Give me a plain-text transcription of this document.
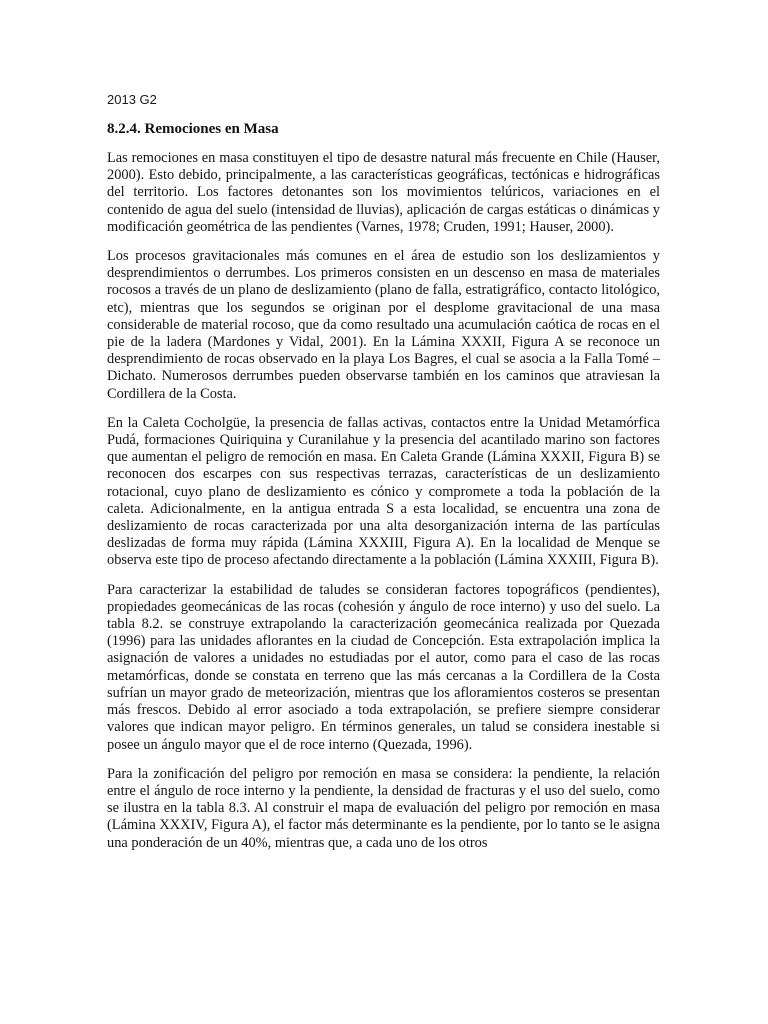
2013 G2
8.2.4. Remociones en Masa

Las remociones en masa constituyen el tipo de desastre natural más frecuente en Chile (Hauser, 2000). Esto debido, principalmente, a las características geográficas, tectónicas e hidrográficas del territorio. Los factores detonantes son los movimientos telúricos, variaciones en el contenido de agua del suelo (intensidad de lluvias), aplicación de cargas estáticas o dinámicas y modificación geométrica de las pendientes (Varnes, 1978; Cruden, 1991; Hauser, 2000).

Los procesos gravitacionales más comunes en el área de estudio son los deslizamientos y desprendimientos o derrumbes. Los primeros consisten en un descenso en masa de materiales rocosos a través de un plano de deslizamiento (plano de falla, estratigráfico, contacto litológico, etc), mientras que los segundos se originan por el desplome gravitacional de una masa considerable de material rocoso, que da como resultado una acumulación caótica de rocas en el pie de la ladera (Mardones y Vidal, 2001). En la Lámina XXXII, Figura A se reconoce un desprendimiento de rocas observado en la playa Los Bagres, el cual se asocia a la Falla Tomé – Dichato. Numerosos derrumbes pueden observarse también en los caminos que atraviesan la Cordillera de la Costa.

En la Caleta Cocholgüe, la presencia de fallas activas, contactos entre la Unidad Metamórfica Pudá, formaciones Quiriquina y Curanilahue y la presencia del acantilado marino son factores que aumentan el peligro de remoción en masa. En Caleta Grande (Lámina XXXII, Figura B) se reconocen dos escarpes con sus respectivas terrazas, características de un deslizamiento rotacional, cuyo plano de deslizamiento es cónico y compromete a toda la población de la caleta. Adicionalmente, en la antigua entrada S a esta localidad, se encuentra una zona de deslizamiento de rocas caracterizada por una alta desorganización interna de las partículas deslizadas de forma muy rápida (Lámina XXXIII, Figura A). En la localidad de Menque se observa este tipo de proceso afectando directamente a la población (Lámina XXXIII, Figura B).

Para caracterizar la estabilidad de taludes se consideran factores topográficos (pendientes), propiedades geomecánicas de las rocas (cohesión y ángulo de roce interno) y uso del suelo. La tabla 8.2. se construye extrapolando la caracterización geomecánica realizada por Quezada (1996) para las unidades aflorantes en la ciudad de Concepción. Esta extrapolación implica la asignación de valores a unidades no estudiadas por el autor, como para el caso de las rocas metamórficas, donde se constata en terreno que las más cercanas a la Cordillera de la Costa sufrían un mayor grado de meteorización, mientras que los afloramientos costeros se presentan más frescos. Debido al error asociado a toda extrapolación, se prefiere siempre considerar valores que indican mayor peligro. En términos generales, un talud se considera inestable si posee un ángulo mayor que el de roce interno (Quezada, 1996).

Para la zonificación del peligro por remoción en masa se considera: la pendiente, la relación entre el ángulo de roce interno y la pendiente, la densidad de fracturas y el uso del suelo, como se ilustra en la tabla 8.3. Al construir el mapa de evaluación del peligro por remoción en masa (Lámina XXXIV, Figura A), el factor más determinante es la pendiente, por lo tanto se le asigna una ponderación de un 40%, mientras que, a cada uno de los otros
